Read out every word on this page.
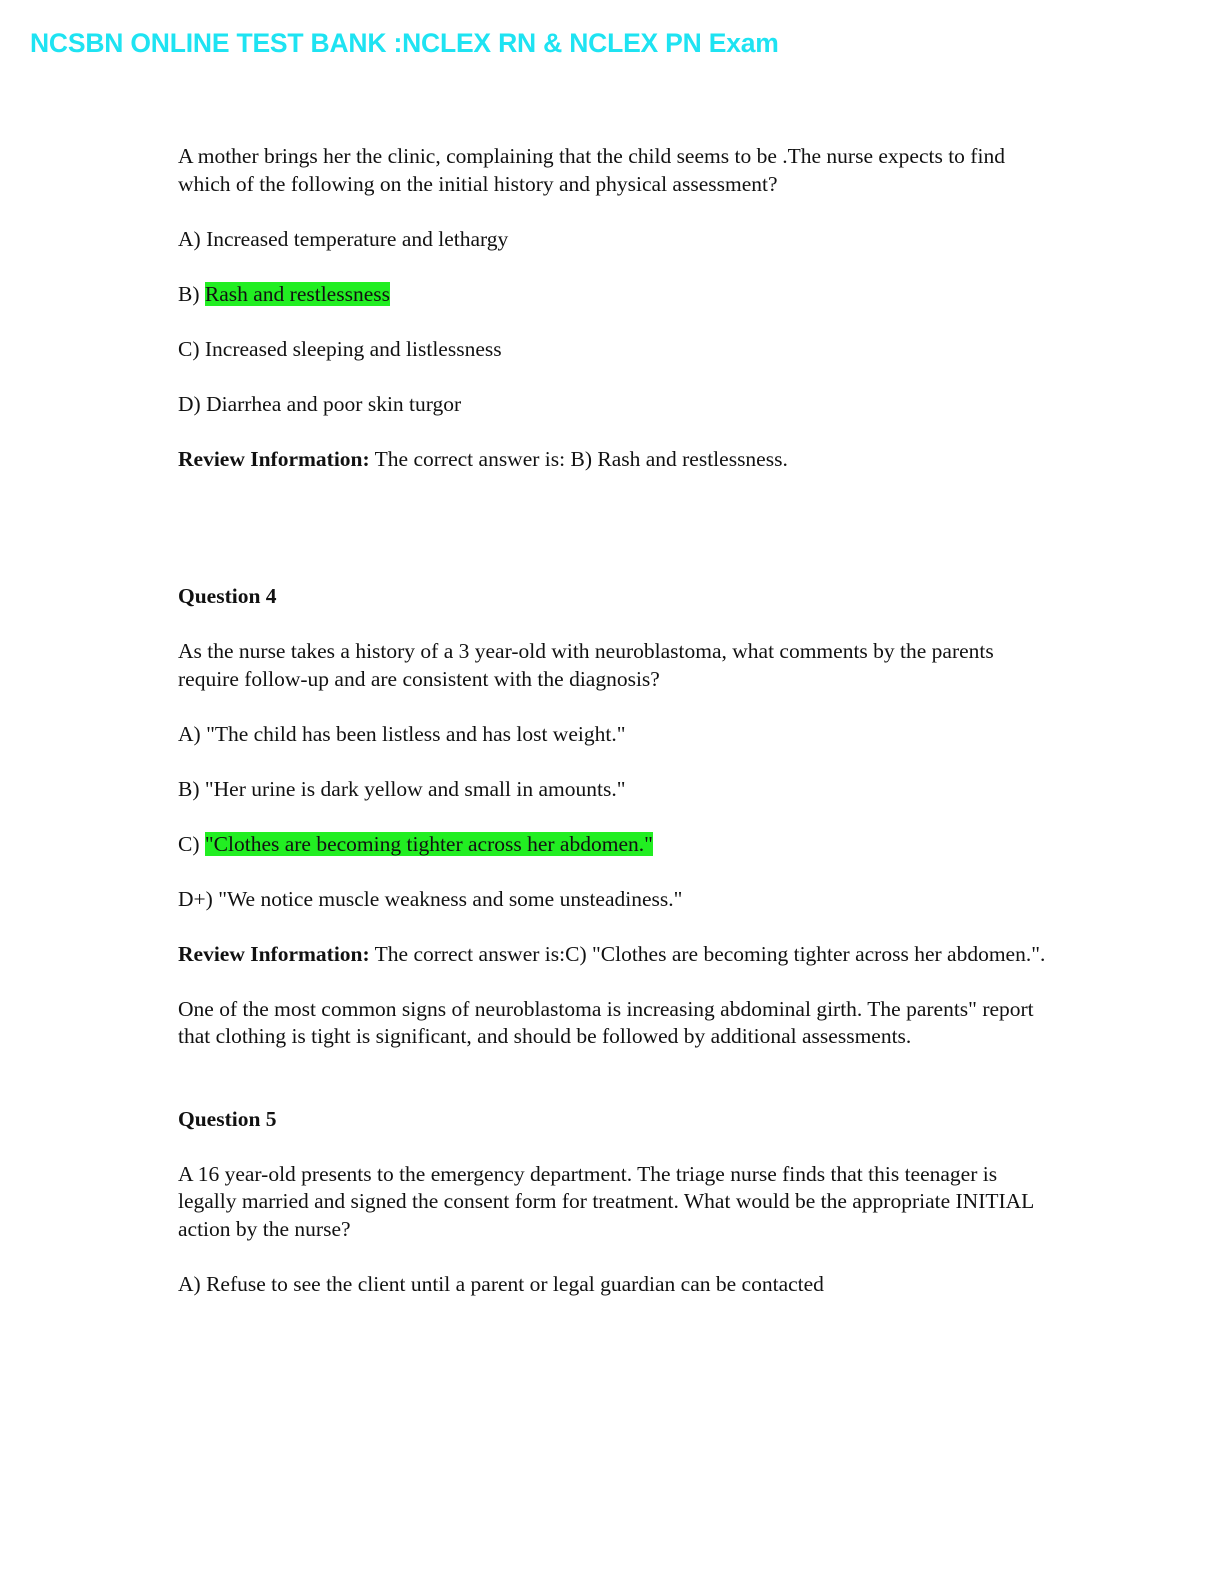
NCSBN ONLINE TEST BANK :NCLEX RN & NCLEX PN Exam

A mother brings her the clinic, complaining that the child seems to be .The nurse expects to find which of the following on the initial history and physical assessment?

A) Increased temperature and lethargy

B) Rash and restlessness

C) Increased sleeping and listlessness

D) Diarrhea and poor skin turgor

Review Information: The correct answer is: B) Rash and restlessness.

Question 4

As the nurse takes a history of a 3 year-old with neuroblastoma, what comments by the parents require follow-up and are consistent with the diagnosis?

A) "The child has been listless and has lost weight."

B) "Her urine is dark yellow and small in amounts."

C) "Clothes are becoming tighter across her abdomen."

D+) "We notice muscle weakness and some unsteadiness."

Review Information: The correct answer is:C) "Clothes are becoming tighter across her abdomen.".

One of the most common signs of neuroblastoma is increasing abdominal girth. The parents" report that clothing is tight is significant, and should be followed by additional assessments.

Question 5

A 16 year-old presents to the emergency department. The triage nurse finds that this teenager is legally married and signed the consent form for treatment. What would be the appropriate INITIAL action by the nurse?

A) Refuse to see the client until a parent or legal guardian can be contacted
